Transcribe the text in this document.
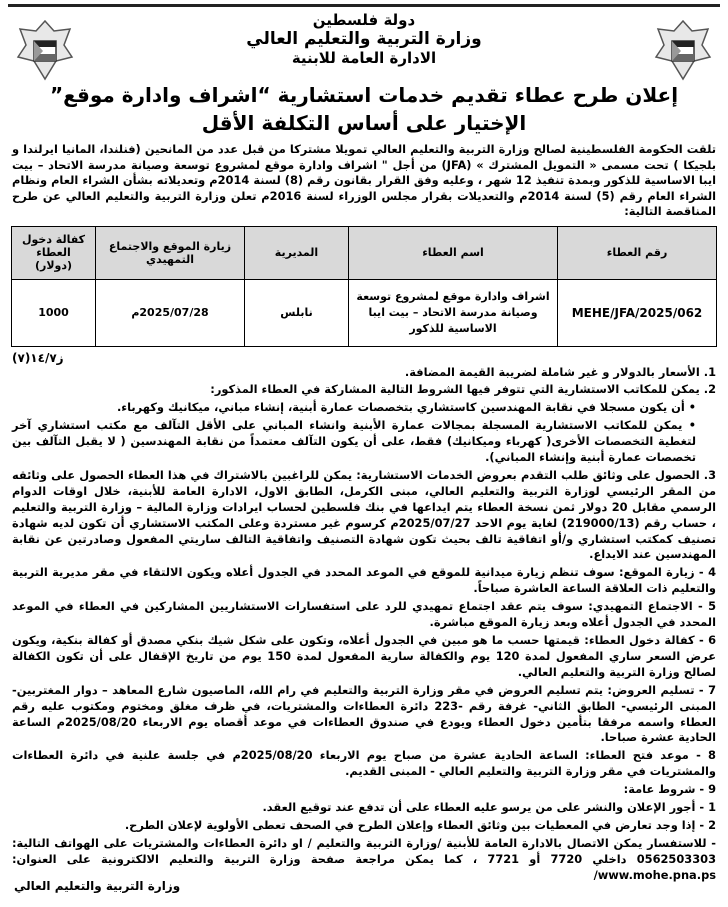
دولة فلسطين
وزارة التربية والتعليم العالي
الادارة العامة للابنية
إعلان طرح عطاء تقديم خدمات استشارية “اشراف وادارة موقع”
الإختيار على أساس التكلفة الأقل
تلقت الحكومة الفلسطينية لصالح وزارة التربية والتعليم العالي تمويلا مشتركا من قبل عدد من المانحين (فنلندا، المانيا ايرلندا و بلجيكا ) تحت مسمى « التمويل المشترك » (JFA) من أجل " اشراف وادارة موقع لمشروع توسعة وصيانة مدرسة الاتحاد – بيت ايبا الاساسية للذكور وبمدة تنفيذ 12 شهر ، وعليه وفق القرار بقانون رقم (8) لسنة 2014م وتعديلاته بشأن الشراء العام ونظام الشراء العام رقم (5) لسنة 2014م والتعديلات بقرار مجلس الوزراء لسنة 2016م تعلن وزارة التربية والتعليم العالي عن طرح المناقصة التالية:
رقم العطاء	اسم العطاء	المديرية	زيارة الموقع والاجتماع التمهيدي	كفالة دخول العطاء (دولار)
MEHE/JFA/2025/062	اشراف وادارة موقع لمشروع توسعة وصيانة مدرسة الاتحاد – بيت ايبا الاساسية للذكور	نابلس	2025/07/28م	1000
ز١٤/٧(٧)

1. الأسعار بالدولار و غير شاملة لضريبة القيمة المضافة.

2. يمكن للمكاتب الاستشارية التي تتوفر فيها الشروط التالية المشاركة في العطاء المذكور:

• أن يكون مسجلا في نقابة المهندسين كاستشاري بتخصصات عمارة أبنية، إنشاء مباني، ميكانيك وكهرباء.

• يمكن للمكاتب الاستشارية المسجلة بمجالات عمارة الأبنية وانشاء المباني على الأقل التآلف مع مكتب استشاري آخر لتغطية التخصصات الأخرى( كهرباء وميكانيك) فقط، على أن يكون التآلف معتمداً من نقابة المهندسين ( لا يقبل التآلف بين تخصصات عمارة أبنية وإنشاء المباني).

3. الحصول على وثائق طلب التقدم بعروض الخدمات الاستشارية: يمكن للراغبين بالاشتراك في هذا العطاء الحصول على وثائقه من المقر الرئيسي لوزارة التربية والتعليم العالي، مبنى الكرمل، الطابق الاول، الادارة العامة للأبنية، خلال اوقات الدوام الرسمي مقابل 20 دولار ثمن نسخة العطاء يتم ايداعها في بنك فلسطين لحساب ايرادات وزارة المالية – وزارة التربية والتعليم ، حساب رقم (219000/13) لغاية يوم الاحد 2025/07/27م كرسوم غير مستردة وعلى المكتب الاستشاري أن تكون لديه شهادة تصنيف كمكتب استشاري و/أو اتفاقية تالف بحيث تكون شهادة التصنيف واتفاقية التالف ساريتي المفعول وصادرتين عن نقابة المهندسين عند الايداع.

4 - زيارة الموقع: سوف تنظم زيارة ميدانية للموقع في الموعد المحدد في الجدول أعلاه ويكون الالتقاء في مقر مديرية التربية والتعليم ذات العلاقة الساعة العاشرة صباحاً.

5 - الاجتماع التمهيدي: سوف يتم عقد اجتماع تمهيدي للرد على استفسارات الاستشاريين المشاركين في العطاء في الموعد المحدد في الجدول أعلاه وبعد زيارة الموقع مباشرة.

6 - كفالة دخول العطاء: قيمتها حسب ما هو مبين في الجدول أعلاه، وتكون على شكل شيك بنكي مصدق أو كفالة بنكية، ويكون عرض السعر ساري المفعول لمدة 120 يوم والكفالة سارية المفعول لمدة 150 يوم من تاريخ الإقفال على أن تكون الكفالة لصالح وزارة التربية والتعليم العالي.

7 - تسليم العروض: يتم تسليم العروض في مقر وزارة التربية والتعليم في رام الله، الماصيون شارع المعاهد – دوار المغتربين- المبنى الرئيسي- الطابق الثاني- غرفة رقم -223 دائرة العطاءات والمشتريات، في ظرف مغلق ومختوم ومكتوب عليه رقم العطاء واسمه مرفقا بتأمين دخول العطاء ويودع في صندوق العطاءات في موعد أقصاه يوم الاربعاء 2025/08/20م الساعة الحادية عشرة صباحا.

8 - موعد فتح العطاء: الساعة الحادية عشرة من صباح يوم الاربعاء 2025/08/20م في جلسة علنية في دائرة العطاءات والمشتريات في مقر وزارة التربية والتعليم العالي - المبنى القديم.

9 - شروط عامة:

1 - أجور الإعلان والنشر على من يرسو عليه العطاء على أن تدفع عند توقيع العقد.

2 - إذا وجد تعارض في المعطيات بين وثائق العطاء وإعلان الطرح في الصحف تعطى الأولوية لإعلان الطرح.

- للاستفسار يمكن الاتصال بالادارة العامة للأبنية /وزارة التربية والتعليم / او دائرة العطاءات والمشتريات على الهواتف التالية: 0562503303 داخلي 7720 أو 7721 ، كما يمكن مراجعة صفحة وزارة التربية والتعليم الالكترونية على العنوان: www.mohe.pna.ps/

وزارة التربية والتعليم العالي
